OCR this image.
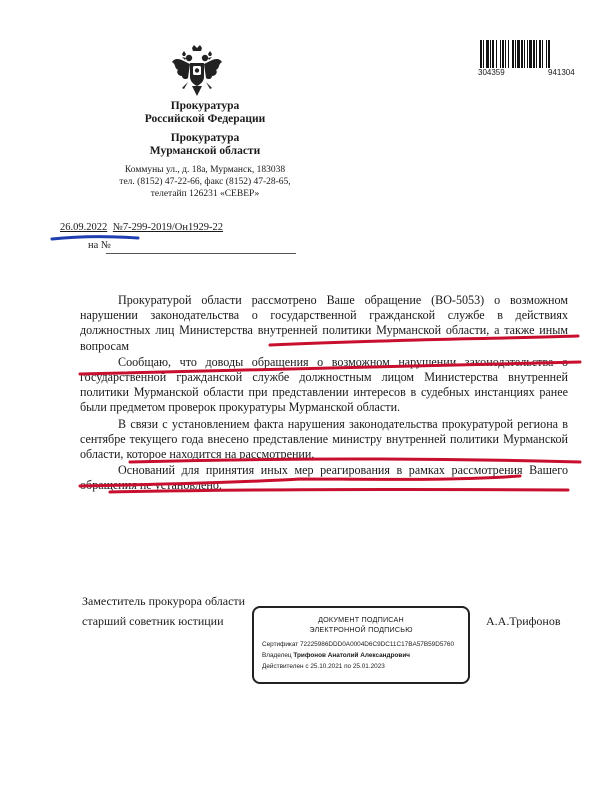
Прокуратура
Российской Федерации
Прокуратура
Мурманской области
Коммуны ул., д. 18а, Мурманск, 183038
тел. (8152) 47-22-66, факс (8152) 47-28-65,
телетайп 126231 «СЕВЕР»
304359	941304
26.09.2022 №7-299-2019/Он1929-22
на №

Прокуратурой области рассмотрено Ваше обращение (ВО-5053) о возможном нарушении законодательства о государственной гражданской службе в действиях должностных лиц Министерства внутренней политики Мурманской области, а также иным вопросам

Сообщаю, что доводы обращения о возможном нарушении законодательства о государственной гражданской службе должностным лицом Министерства внутренней политики Мурманской области при представлении интересов в судебных инстанциях ранее были предметом проверок прокуратуры Мурманской области.

В связи с установлением факта нарушения законодательства прокуратурой региона в сентябре текущего года внесено представление министру внутренней политики Мурманской области, которое находится на рассмотрении.

Оснований для принятия иных мер реагирования в рамках рассмотрения Вашего обращения не установлено.

Заместитель прокурора области
старший советник юстиции	А.А.Трифонов
ДОКУМЕНТ ПОДПИСАН
ЭЛЕКТРОННОЙ ПОДПИСЬЮ
Сертификат 72225986DDD0A0004D6C9DC11C17BA57B59D5760
Владелец Трифонов Анатолий Александрович
Действителен с 25.10.2021 по 25.01.2023
